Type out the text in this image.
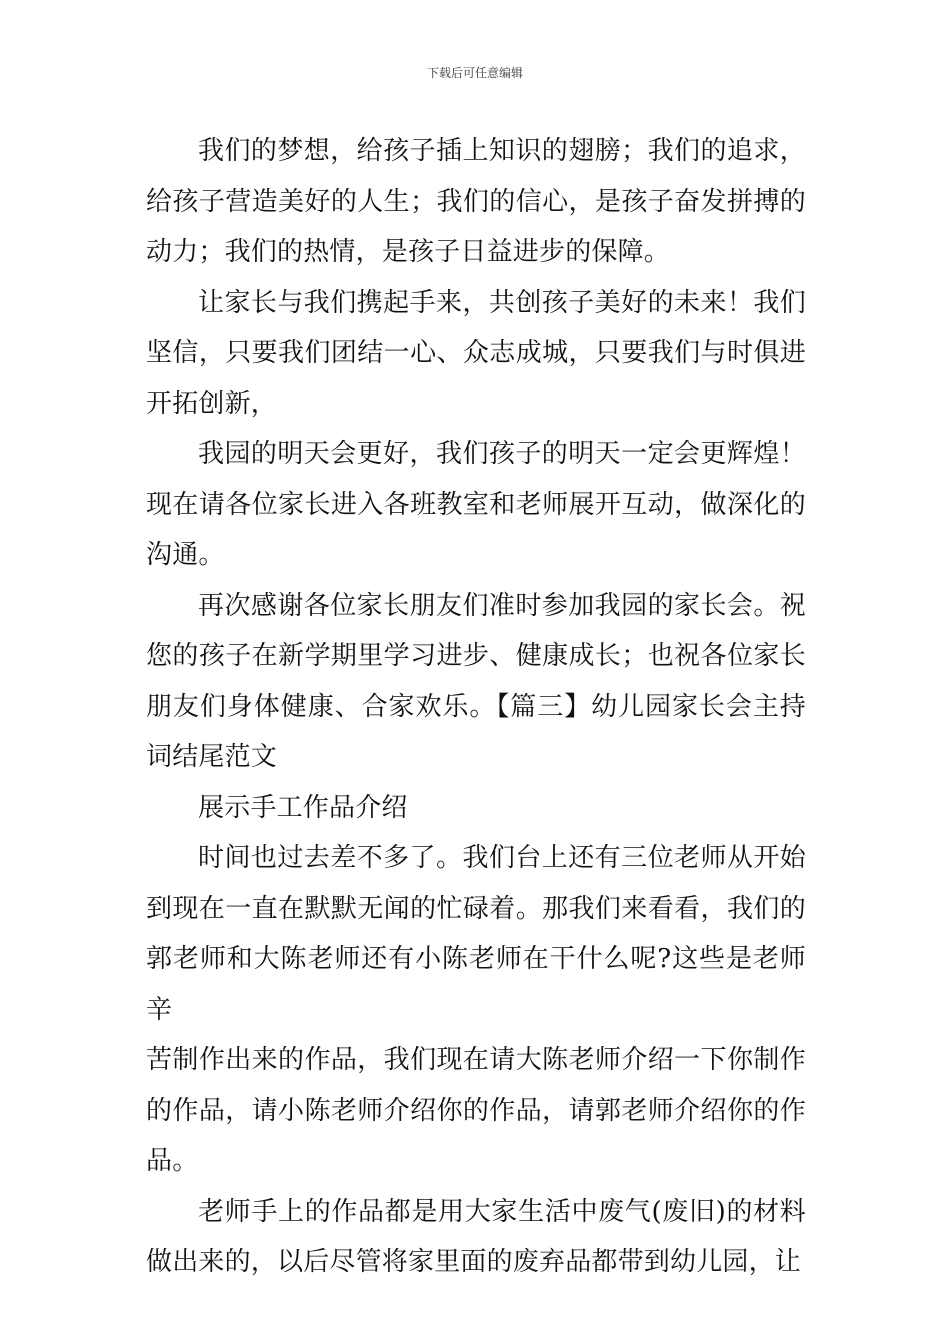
下载后可任意编辑
我们的梦想，给孩子插上知识的翅膀；我们的追求，
给孩子营造美好的人生；我们的信心，是孩子奋发拼搏的
动力；我们的热情，是孩子日益进步的保障。
让家长与我们携起手来，共创孩子美好的未来！我们
坚信，只要我们团结一心、众志成城，只要我们与时俱进
开拓创新，
我园的明天会更好，我们孩子的明天一定会更辉煌！
现在请各位家长进入各班教室和老师展开互动，做深化的
沟通。
再次感谢各位家长朋友们准时参加我园的家长会。祝
您的孩子在新学期里学习进步、健康成长；也祝各位家长
朋友们身体健康、合家欢乐。【篇三】幼儿园家长会主持
词结尾范文
展示手工作品介绍
时间也过去差不多了。我们台上还有三位老师从开始
到现在一直在默默无闻的忙碌着。那我们来看看，我们的
郭老师和大陈老师还有小陈老师在干什么呢?这些是老师辛
苦制作出来的作品，我们现在请大陈老师介绍一下你制作
的作品，请小陈老师介绍你的作品，请郭老师介绍你的作
品。
老师手上的作品都是用大家生活中废气(废旧)的材料
做出来的，以后尽管将家里面的废弃品都带到幼儿园，让
